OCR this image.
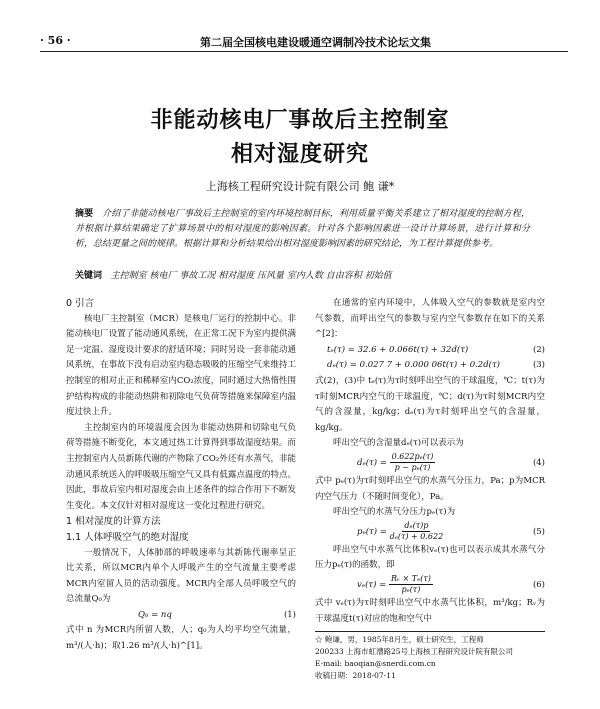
· 56 ·	第二届全国核电建设暖通空调制冷技术论坛文集
非能动核电厂事故后主控制室
相对湿度研究
上海核工程研究设计院有限公司 鲍 谦*
摘要 介绍了非能动核电厂事故后主控制室的室内环境控制目标，利用质量平衡关系建立了相对湿度的控制方程，并根据计算结果确定了扩算场景中的相对湿度的影响因素。针对各个影响因素进一设计计算场景，进行计算和分析，总结更量之间的规律。根据计算和分析结果给出相对湿度影响因素的研究结论，为工程计算提供参考。
关键词 主控制室 核电厂 事故工况 相对湿度 压风量 室内人数 自由容积 初始值
0 引言
核电厂主控制室（MCR）是核电厂运行的控制中心。非能动核电厂设置了能动通风系统，在正常工况下为室内提供满足一定温、湿度设计要求的舒适环境；同时另设一套非能动通风系统，在事故下没有启动室内稳态吸吸的压缩空气来维持工控制室的相对止正和稀释室内CO₂浓度，同时通过大热惰性围护结构构成的非能动热阱和初除电气负荷等措施来保障室内温度过快上升。
主控制室内的环境温度会因为非能动热阱和切除电气负荷等措施不断变化，本文通过热工计算得到事故湿度结果。而主控制室内人员新陈代谢的产物除了CO₂外还有水蒸气，非能动通风系统送入的呼吸吸压缩空气又具有低露点温度的特点。因此，事故后室内相对湿度会由上述条件的综合作用下不断发生变化。本文仅针对相对湿度这一变化过程进行研究。
1 相对湿度的计算方法
1.1 人体呼吸空气的绝对湿度
一般情况下，人体肺部的呼吸速率与其新陈代谢率呈正比关系，所以MCR内单个人呼吸产生的空气流量主要考虑MCR内室留人员的活动强度。MCR内全部人员呼吸空气的总流量Q₀为
Q₀ = nq	(1)
式中 n 为MCR内所留人数，人；q₀为人均平均空气流量，m³/(人·h)；取1.26 m³/(人·h)^[1]。
在通常的室内环境中，人体吸入空气的参数就是室内空气参数，而呼出空气的参数与室内空气参数存在如下的关系^[2]：
tₑ(τ) = 32.6 + 0.066t(τ) + 32d(τ)	(2)
dₑ(τ) = 0.027 7 + 0.000 06t(τ) + 0.2d(τ)	(3)
式(2)，(3)中 tₑ(τ)为τ时刻呼出空气的干球温度，℃；t(τ)为τ时刻MCR内空气的干球温度，℃；d(τ)为τ时刻MCR内空气的含湿量，kg/kg；dₑ(τ)为τ时刻呼出空气的含湿量，kg/kg。
呼出空气的含湿量dₑ(τ)可以表示为
$d_e(\tau) = \frac{\text{0.622pₑ(τ)}}{\text{p − pₑ(τ)}}$	(4)
式中 pₑ(τ)为τ时刻呼出空气的水蒸气分压力，Pa；p为MCR内空气压力（不随时间变化），Pa。
呼出空气的水蒸气分压力pₑ(τ)为
$p_e(\tau) = \frac{\text{dₑ(τ)p}}{\text{dₑ(τ) + 0.622}}$	(5)
呼出空气中水蒸气比体积vₑ(τ)也可以表示成其水蒸气分压力pₑ(τ)的函数，即
$v_e(\tau) = \frac{\text{Rᵥ × Tₑ(τ)}}{\text{pₑ(τ)}}$	(6)
式中 vₑ(τ)为τ时刻呼出空气中水蒸气比体积，m³/kg；Rᵥ为干球温度t(τ)对应的饱和空气中
☆ 鲍谦，男，1985年8月生，硕士研究生，工程师
200233 上海市虹漕路25号上海核工程研究设计院有限公司
E-mail: baoqian@snerdi.com.cn
收稿日期：2018-07-11
